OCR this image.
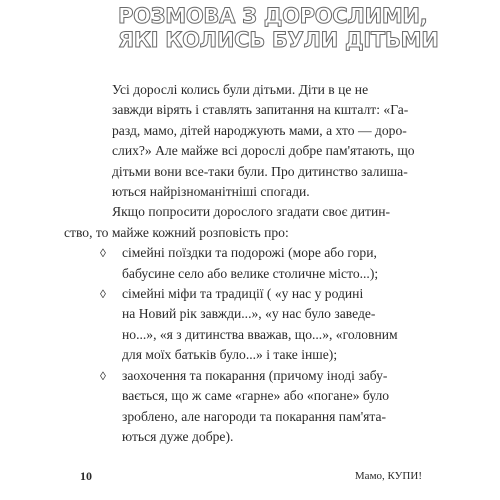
РОЗМОВА З ДОРОСЛИМИ,
ЯКІ КОЛИСЬ БУЛИ ДІТЬМИ

Усі дорослі колись були дітьми. Діти в це не
завжди вірять і ставлять запитання на кшталт: «Га-
разд, мамо, дітей народжують мами, а хто — доро-
слих?» Але майже всі дорослі добре пам'ятають, що
дітьми вони все-таки були. Про дитинство залиша-
ються найрізноманітніші спогади.

Якщо попросити дорослого згадати своє дитин-
ство, то майже кожний розповість про:

◊ сімейні поїздки та подорожі (море або гори,
бабусине село або велике столичне місто...);
◊ сімейні міфи та традиції ( «у нас у родині
на Новий рік завжди...», «у нас було заведе-
но...», «я з дитинства вважав, що...», «головним
для моїх батьків було...» і таке інше);
◊ заохочення та покарання (причому іноді забу-
вається, що ж саме «гарне» або «погане» було
зроблено, але нагороди та покарання пам'ята-
ються дуже добре).
10	Мамо, КУПИ!
